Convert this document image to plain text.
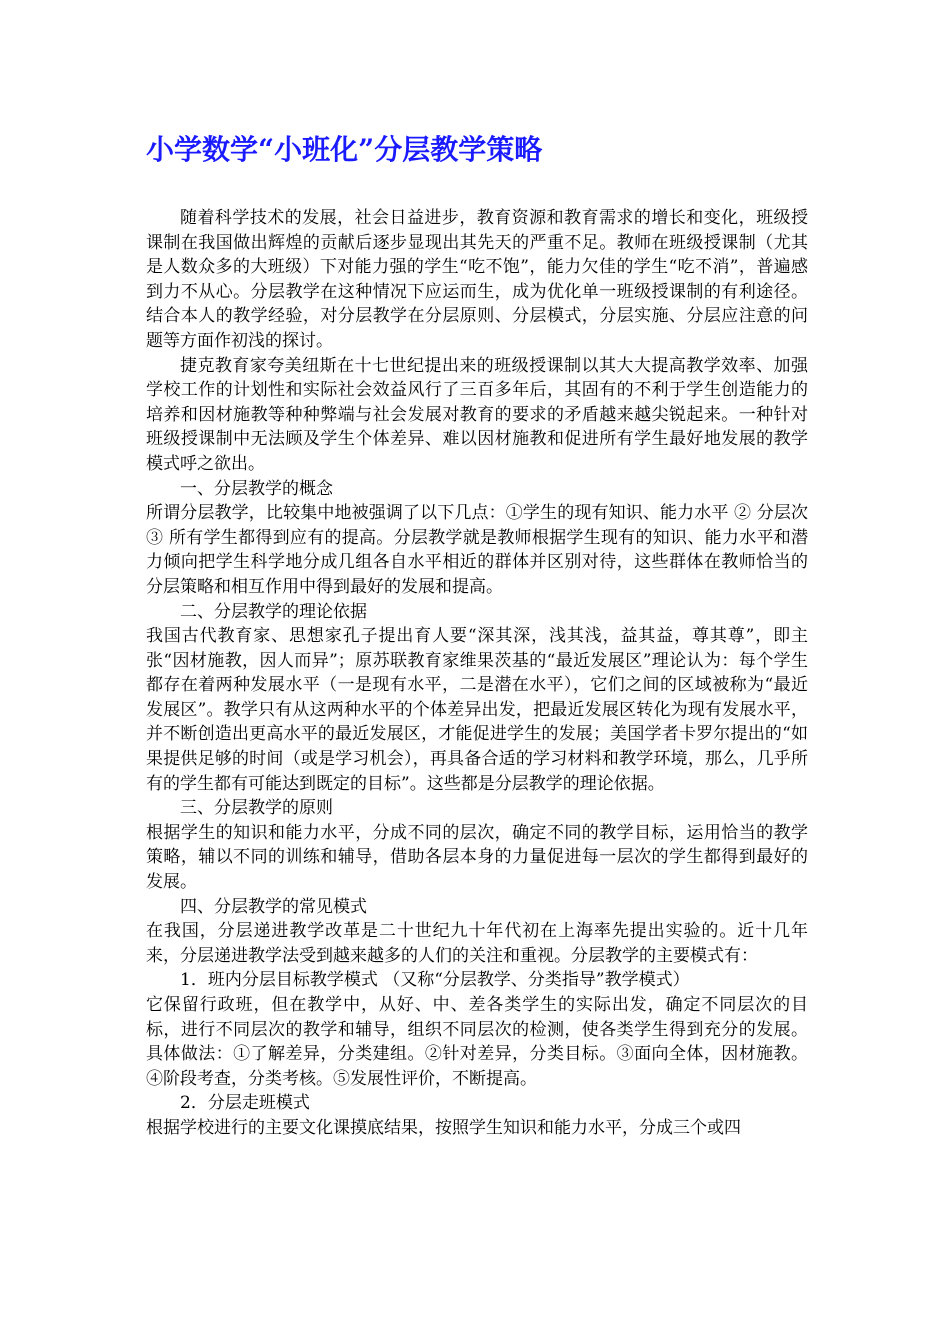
小学数学“小班化”分层教学策略

随着科学技术的发展，社会日益进步，教育资源和教育需求的增长和变化，班级授课制在我国做出辉煌的贡献后逐步显现出其先天的严重不足。教师在班级授课制（尤其是人数众多的大班级）下对能力强的学生“吃不饱”，能力欠佳的学生“吃不消”，普遍感到力不从心。分层教学在这种情况下应运而生，成为优化单一班级授课制的有利途径。结合本人的教学经验，对分层教学在分层原则、分层模式，分层实施、分层应注意的问题等方面作初浅的探讨。

捷克教育家夸美纽斯在十七世纪提出来的班级授课制以其大大提高教学效率、加强学校工作的计划性和实际社会效益风行了三百多年后，其固有的不利于学生创造能力的培养和因材施教等种种弊端与社会发展对教育的要求的矛盾越来越尖锐起来。一种针对班级授课制中无法顾及学生个体差异、难以因材施教和促进所有学生最好地发展的教学模式呼之欲出。

一、分层教学的概念

所谓分层教学，比较集中地被强调了以下几点：①学生的现有知识、能力水平 ② 分层次 ③ 所有学生都得到应有的提高。分层教学就是教师根据学生现有的知识、能力水平和潜力倾向把学生科学地分成几组各自水平相近的群体并区别对待，这些群体在教师恰当的分层策略和相互作用中得到最好的发展和提高。

二、分层教学的理论依据

我国古代教育家、思想家孔子提出育人要“深其深，浅其浅，益其益，尊其尊”，即主张“因材施教，因人而异”；原苏联教育家维果茨基的“最近发展区”理论认为：每个学生都存在着两种发展水平（一是现有水平，二是潜在水平），它们之间的区域被称为“最近发展区”。教学只有从这两种水平的个体差异出发，把最近发展区转化为现有发展水平，并不断创造出更高水平的最近发展区，才能促进学生的发展；美国学者卡罗尔提出的“如果提供足够的时间（或是学习机会），再具备合适的学习材料和教学环境，那么，几乎所有的学生都有可能达到既定的目标”。这些都是分层教学的理论依据。

三、分层教学的原则

根据学生的知识和能力水平，分成不同的层次，确定不同的教学目标，运用恰当的教学策略，辅以不同的训练和辅导，借助各层本身的力量促进每一层次的学生都得到最好的发展。

四、分层教学的常见模式

在我国，分层递进教学改革是二十世纪九十年代初在上海率先提出实验的。近十几年来，分层递进教学法受到越来越多的人们的关注和重视。分层教学的主要模式有：

1．班内分层目标教学模式 （又称“分层教学、分类指导”教学模式）

它保留行政班，但在教学中，从好、中、差各类学生的实际出发，确定不同层次的目标，进行不同层次的教学和辅导，组织不同层次的检测，使各类学生得到充分的发展。具体做法：①了解差异，分类建组。②针对差异，分类目标。③面向全体，因材施教。④阶段考查，分类考核。⑤发展性评价，不断提高。

2．分层走班模式

根据学校进行的主要文化课摸底结果，按照学生知识和能力水平，分成三个或四
